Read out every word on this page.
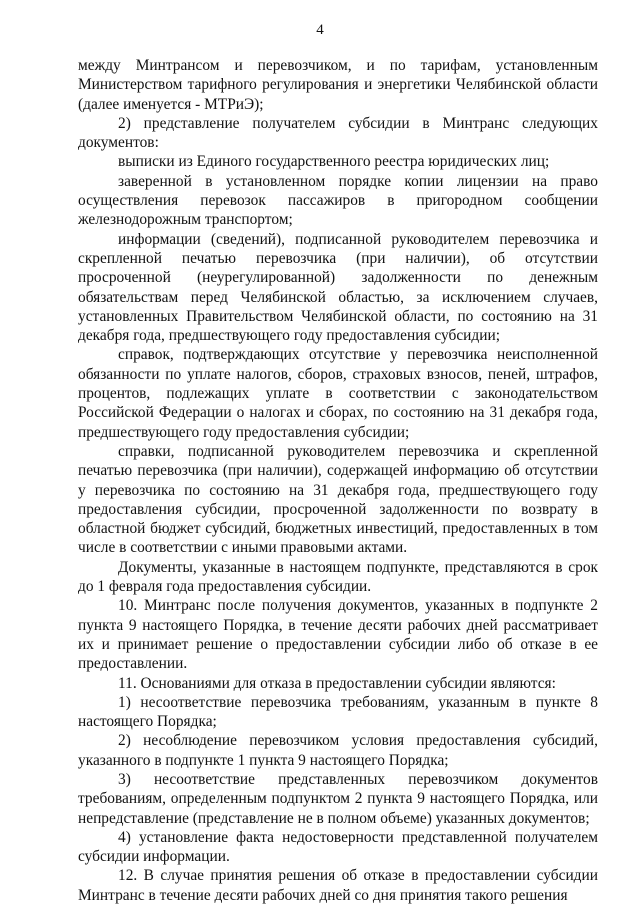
4

между Минтрансом и перевозчиком, и по тарифам, установленным Министерством тарифного регулирования и энергетики Челябинской области (далее именуется - МТРиЭ);

2) представление получателем субсидии в Минтранс следующих документов:

выписки из Единого государственного реестра юридических лиц;

заверенной в установленном порядке копии лицензии на право осуществления перевозок пассажиров в пригородном сообщении железнодорожным транспортом;

информации (сведений), подписанной руководителем перевозчика и скрепленной печатью перевозчика (при наличии), об отсутствии просроченной (неурегулированной) задолженности по денежным обязательствам перед Челябинской областью, за исключением случаев, установленных Правительством Челябинской области, по состоянию на 31 декабря года, предшествующего году предоставления субсидии;

справок, подтверждающих отсутствие у перевозчика неисполненной обязанности по уплате налогов, сборов, страховых взносов, пеней, штрафов, процентов, подлежащих уплате в соответствии с законодательством Российской Федерации о налогах и сборах, по состоянию на 31 декабря года, предшествующего году предоставления субсидии;

справки, подписанной руководителем перевозчика и скрепленной печатью перевозчика (при наличии), содержащей информацию об отсутствии у перевозчика по состоянию на 31 декабря года, предшествующего году предоставления субсидии, просроченной задолженности по возврату в областной бюджет субсидий, бюджетных инвестиций, предоставленных в том числе в соответствии с иными правовыми актами.

Документы, указанные в настоящем подпункте, представляются в срок до 1 февраля года предоставления субсидии.

10. Минтранс после получения документов, указанных в подпункте 2 пункта 9 настоящего Порядка, в течение десяти рабочих дней рассматривает их и принимает решение о предоставлении субсидии либо об отказе в ее предоставлении.

11. Основаниями для отказа в предоставлении субсидии являются:

1) несоответствие перевозчика требованиям, указанным в пункте 8 настоящего Порядка;

2) несоблюдение перевозчиком условия предоставления субсидий, указанного в подпункте 1 пункта 9 настоящего Порядка;

3) несоответствие представленных перевозчиком документов требованиям, определенным подпунктом 2 пункта 9 настоящего Порядка, или непредставление (представление не в полном объеме) указанных документов;

4) установление факта недостоверности представленной получателем субсидии информации.

12. В случае принятия решения об отказе в предоставлении субсидии Минтранс в течение десяти рабочих дней со дня принятия такого решения
